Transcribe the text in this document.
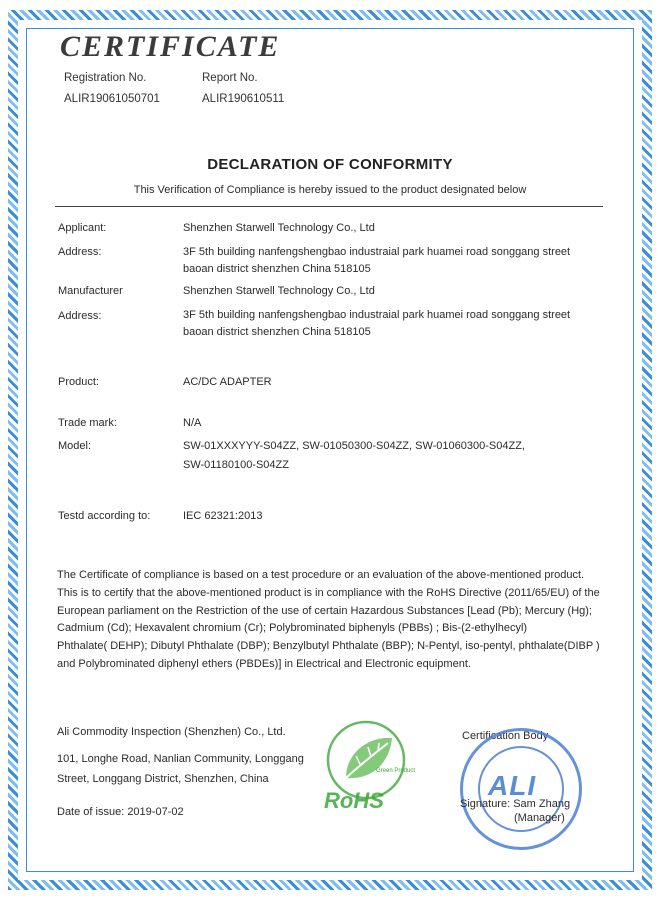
CERTIFICATE
Registration No.
ALIR19061050701
Report No.
ALIR190610511
DECLARATION OF CONFORMITY
This Verification of Compliance is hereby issued to the product designated below
Applicant:	Shenzhen Starwell Technology Co., Ltd
Address:	3F 5th building nanfengshengbao industraial park huamei road songgang street
baoan district shenzhen China 518105
Manufacturer	Shenzhen Starwell Technology Co., Ltd
Address:	3F 5th building nanfengshengbao industraial park huamei road songgang street
baoan district shenzhen China 518105
Product:	AC/DC ADAPTER
Trade mark:	N/A
Model:	SW-01XXXYYY-S04ZZ, SW-01050300-S04ZZ, SW-01060300-S04ZZ,
SW-01180100-S04ZZ
Testd according to:	IEC 62321:2013
The Certificate of compliance is based on a test procedure or an evaluation of the above-mentioned product.
This is to certify that the above-mentioned product is in compliance with the RoHS Directive (2011/65/EU) of the
European parliament on the Restriction of the use of certain Hazardous Substances [Lead (Pb); Mercury (Hg);
Cadmium (Cd); Hexavalent chromium (Cr); Polybrominated biphenyls (PBBs) ; Bis-(2-ethylhecyl)
Phthalate( DEHP); Dibutyl Phthalate (DBP); Benzylbutyl Phthalate (BBP); N-Pentyl, iso-pentyl, phthalate(DIBP )
and Polybrominated diphenyl ethers (PBDEs)] in Electrical and Electronic equipment.
Ali Commodity Inspection (Shenzhen) Co., Ltd.
101, Longhe Road, Nanlian Community, Longgang
Street, Longgang District, Shenzhen, China
Date of issue: 2019-07-02
Green Product
RoHS
Certification Body
ALI
Signature: Sam Zhang
(Manager)
